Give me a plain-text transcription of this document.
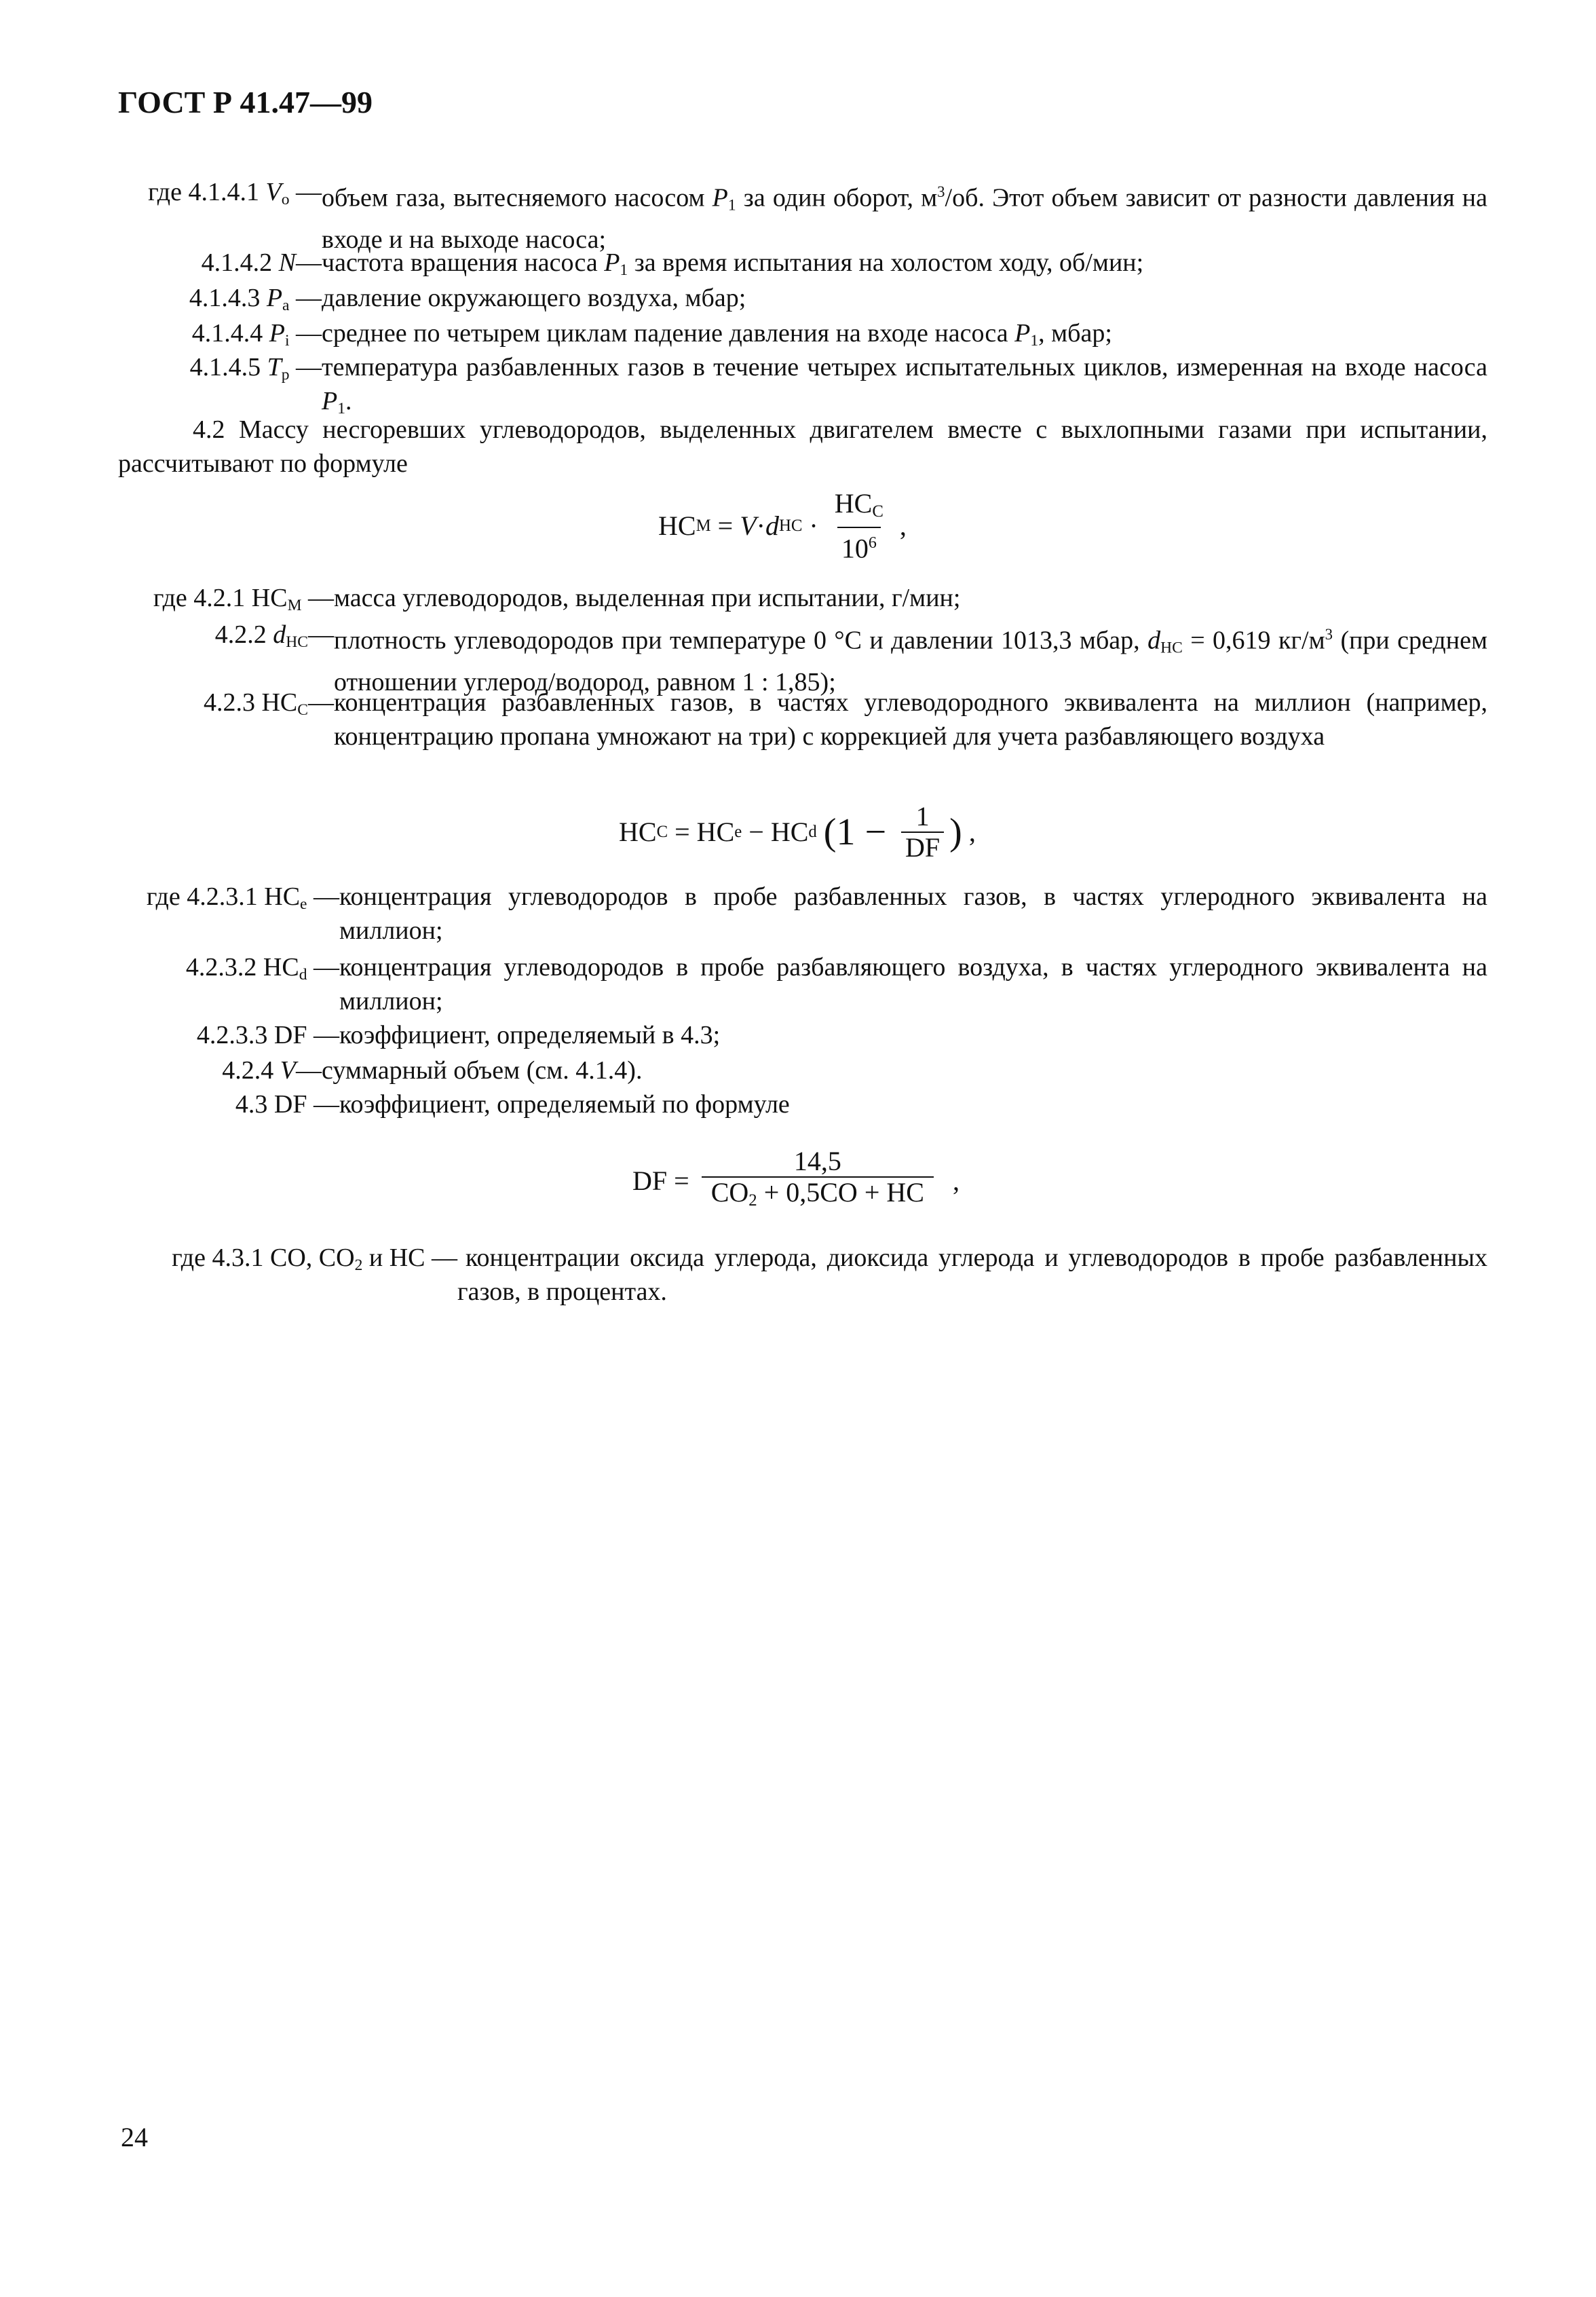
ГОСТ Р 41.47—99
где 4.1.4.1 $V_o$ — объем газа, вытесняемого насосом $P_1$ за один оборот, $м^3/об$. Этот объем зависит от разности давления на входе и на выходе насоса;
4.1.4.2 N— частота вращения насоса $P_1$ за время испытания на холостом ходу, об/мин;
4.1.4.3 $P_a$ — давление окружающего воздуха, мбар;
4.1.4.4 $P_i$ — среднее по четырем циклам падение давления на входе насоса $P_1$, мбар;
4.1.4.5 $T_p$ — температура разбавленных газов в течение четырех испытательных циклов, измеренная на входе насоса $P_1$.
4.2 Массу несгоревших углеводородов, выделенных двигателем вместе с выхлопными газами при испытании, рассчитывают по формуле
HC M = V · d HC · $\frac{HC_C}{10^6}$ ,
где 4.2.1 $HC_M$ — масса углеводородов, выделенная при испытании, г/мин;
4.2.2 $d_{HC}—$ плотность углеводородов при температуре 0 °С и давлении 1013,3 мбар, $d_{HC} = 0,619$ $кг/м^3$ (при среднем отношении углерод/водород, равном 1 : 1,85);
4.2.3 $HC_C—$ концентрация разбавленных газов, в частях углеводородного эквивалента на миллион (например, концентрацию пропана умножают на три) с коррекцией для учета разбавляющего воздуха
HC C = HC e − HC d ($1 - \frac{1}{DF}$ ) ,
где 4.2.3.1 $HC_e$ — концентрация углеводородов в пробе разбавленных газов, в частях углеродного эквивалента на миллион;
4.2.3.2 $HC_d$ — концентрация углеводородов в пробе разбавляющего воздуха, в частях углеродного эквивалента на миллион;
4.2.3.3 DF — коэффициент, определяемый в 4.3;
4.2.4 V— суммарный объем (см. 4.1.4).
4.3 DF — коэффициент, определяемый по формуле
DF = $\frac{14,5}{CO_2 + 0,5CO + HC}$ ,
где 4.3.1 CO, $CO_2$ и HC — концентрации оксида углерода, диоксида углерода и углеводородов в пробе разбавленных газов, в процентах.
24
